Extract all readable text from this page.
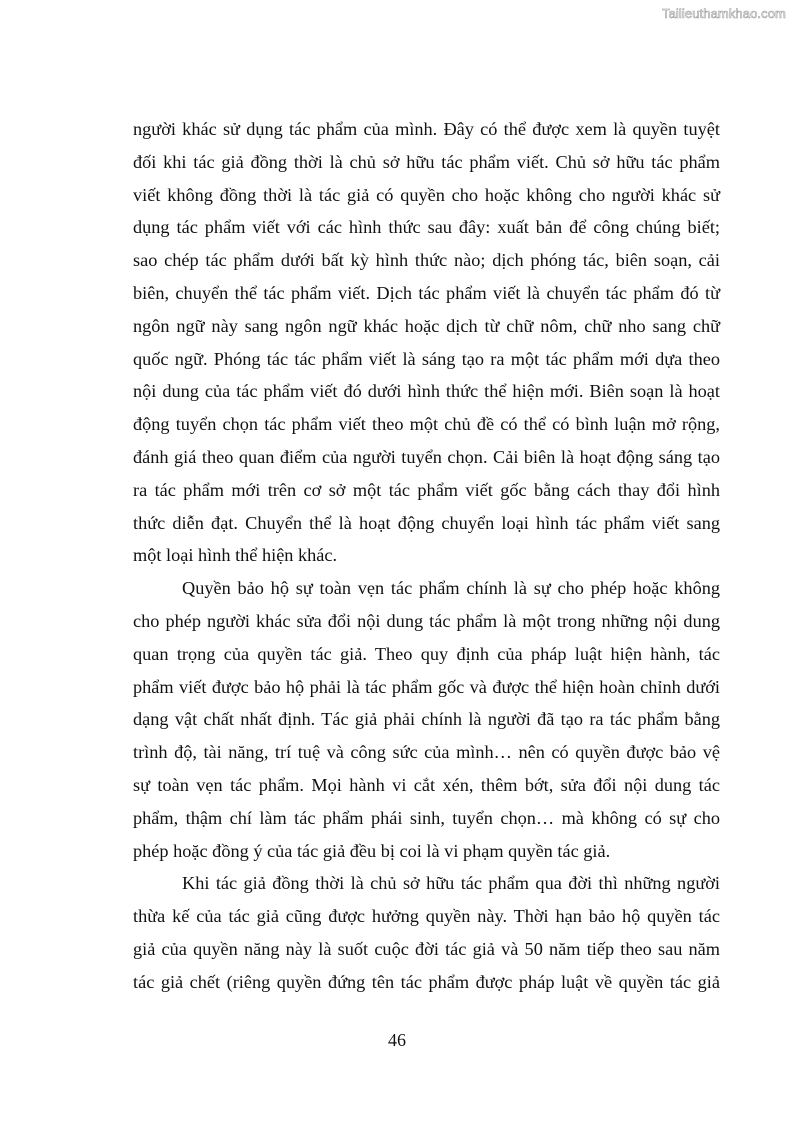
Tailieuthamkhao.com
người khác sử dụng tác phẩm của mình. Đây có thể được xem là quyền tuyệt
đối khi tác giả đồng thời là chủ sở hữu tác phẩm viết. Chủ sở hữu tác phẩm
viết không đồng thời là tác giả có quyền cho hoặc không cho người khác sử
dụng tác phẩm viết với các hình thức sau đây: xuất bản để công chúng biết;
sao chép tác phẩm dưới bất kỳ hình thức nào; dịch phóng tác, biên soạn, cải
biên, chuyển thể tác phẩm viết. Dịch tác phẩm viết là chuyển tác phẩm đó từ
ngôn ngữ này sang ngôn ngữ khác hoặc dịch từ chữ nôm, chữ nho sang chữ
quốc ngữ. Phóng tác tác phẩm viết là sáng tạo ra một tác phẩm mới dựa theo
nội dung của tác phẩm viết đó dưới hình thức thể hiện mới. Biên soạn là hoạt
động tuyển chọn tác phẩm viết theo một chủ đề có thể có bình luận mở rộng,
đánh giá theo quan điểm của người tuyển chọn. Cải biên là hoạt động sáng tạo
ra tác phẩm mới trên cơ sở một tác phẩm viết gốc bằng cách thay đổi hình
thức diễn đạt. Chuyển thể là hoạt động chuyển loại hình tác phẩm viết sang
một loại hình thể hiện khác.
Quyền bảo hộ sự toàn vẹn tác phẩm chính là sự cho phép hoặc không
cho phép người khác sửa đổi nội dung tác phẩm là một trong những nội dung
quan trọng của quyền tác giả. Theo quy định của pháp luật hiện hành, tác
phẩm viết được bảo hộ phải là tác phẩm gốc và được thể hiện hoàn chỉnh dưới
dạng vật chất nhất định. Tác giả phải chính là người đã tạo ra tác phẩm bằng
trình độ, tài năng, trí tuệ và công sức của mình… nên có quyền được bảo vệ
sự toàn vẹn tác phẩm. Mọi hành vi cắt xén, thêm bớt, sửa đổi nội dung tác
phẩm, thậm chí làm tác phẩm phái sinh, tuyển chọn… mà không có sự cho
phép hoặc đồng ý của tác giả đều bị coi là vi phạm quyền tác giả.
Khi tác giả đồng thời là chủ sở hữu tác phẩm qua đời thì những người
thừa kế của tác giả cũng được hưởng quyền này. Thời hạn bảo hộ quyền tác
giả của quyền năng này là suốt cuộc đời tác giả và 50 năm tiếp theo sau năm
tác giả chết (riêng quyền đứng tên tác phẩm được pháp luật về quyền tác giả
46
